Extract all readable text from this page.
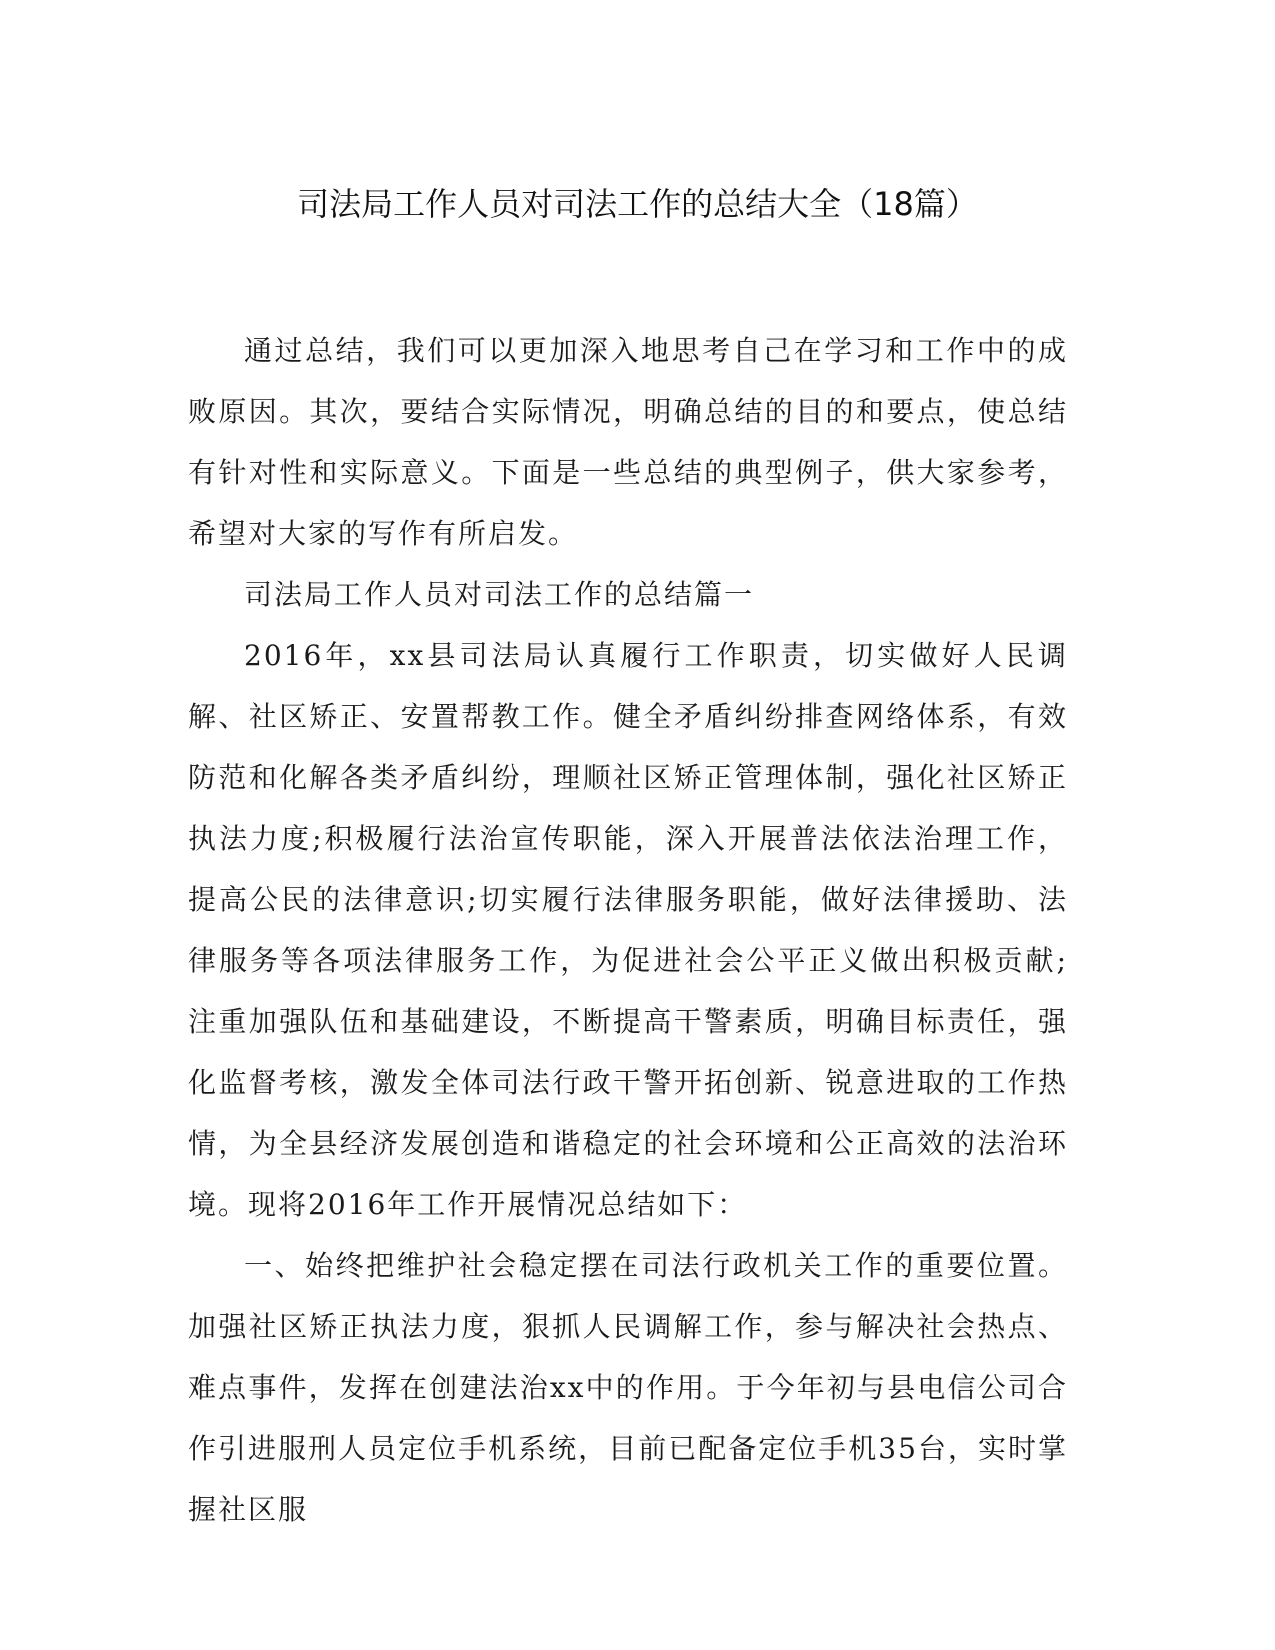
司法局工作人员对司法工作的总结大全（18篇）

通过总结，我们可以更加深入地思考自己在学习和工作中的成败原因。其次，要结合实际情况，明确总结的目的和要点，使总结有针对性和实际意义。下面是一些总结的典型例子，供大家参考，希望对大家的写作有所启发。

司法局工作人员对司法工作的总结篇一

2016年，xx县司法局认真履行工作职责，切实做好人民调解、社区矫正、安置帮教工作。健全矛盾纠纷排查网络体系，有效防范和化解各类矛盾纠纷，理顺社区矫正管理体制，强化社区矫正执法力度;积极履行法治宣传职能，深入开展普法依法治理工作，提高公民的法律意识;切实履行法律服务职能，做好法律援助、法律服务等各项法律服务工作，为促进社会公平正义做出积极贡献;注重加强队伍和基础建设，不断提高干警素质，明确目标责任，强化监督考核，激发全体司法行政干警开拓创新、锐意进取的工作热情，为全县经济发展创造和谐稳定的社会环境和公正高效的法治环境。现将2016年工作开展情况总结如下：

一、始终把维护社会稳定摆在司法行政机关工作的重要位置。加强社区矫正执法力度，狠抓人民调解工作，参与解决社会热点、难点事件，发挥在创建法治xx中的作用。于今年初与县电信公司合作引进服刑人员定位手机系统，目前已配备定位手机35台，实时掌握社区服
